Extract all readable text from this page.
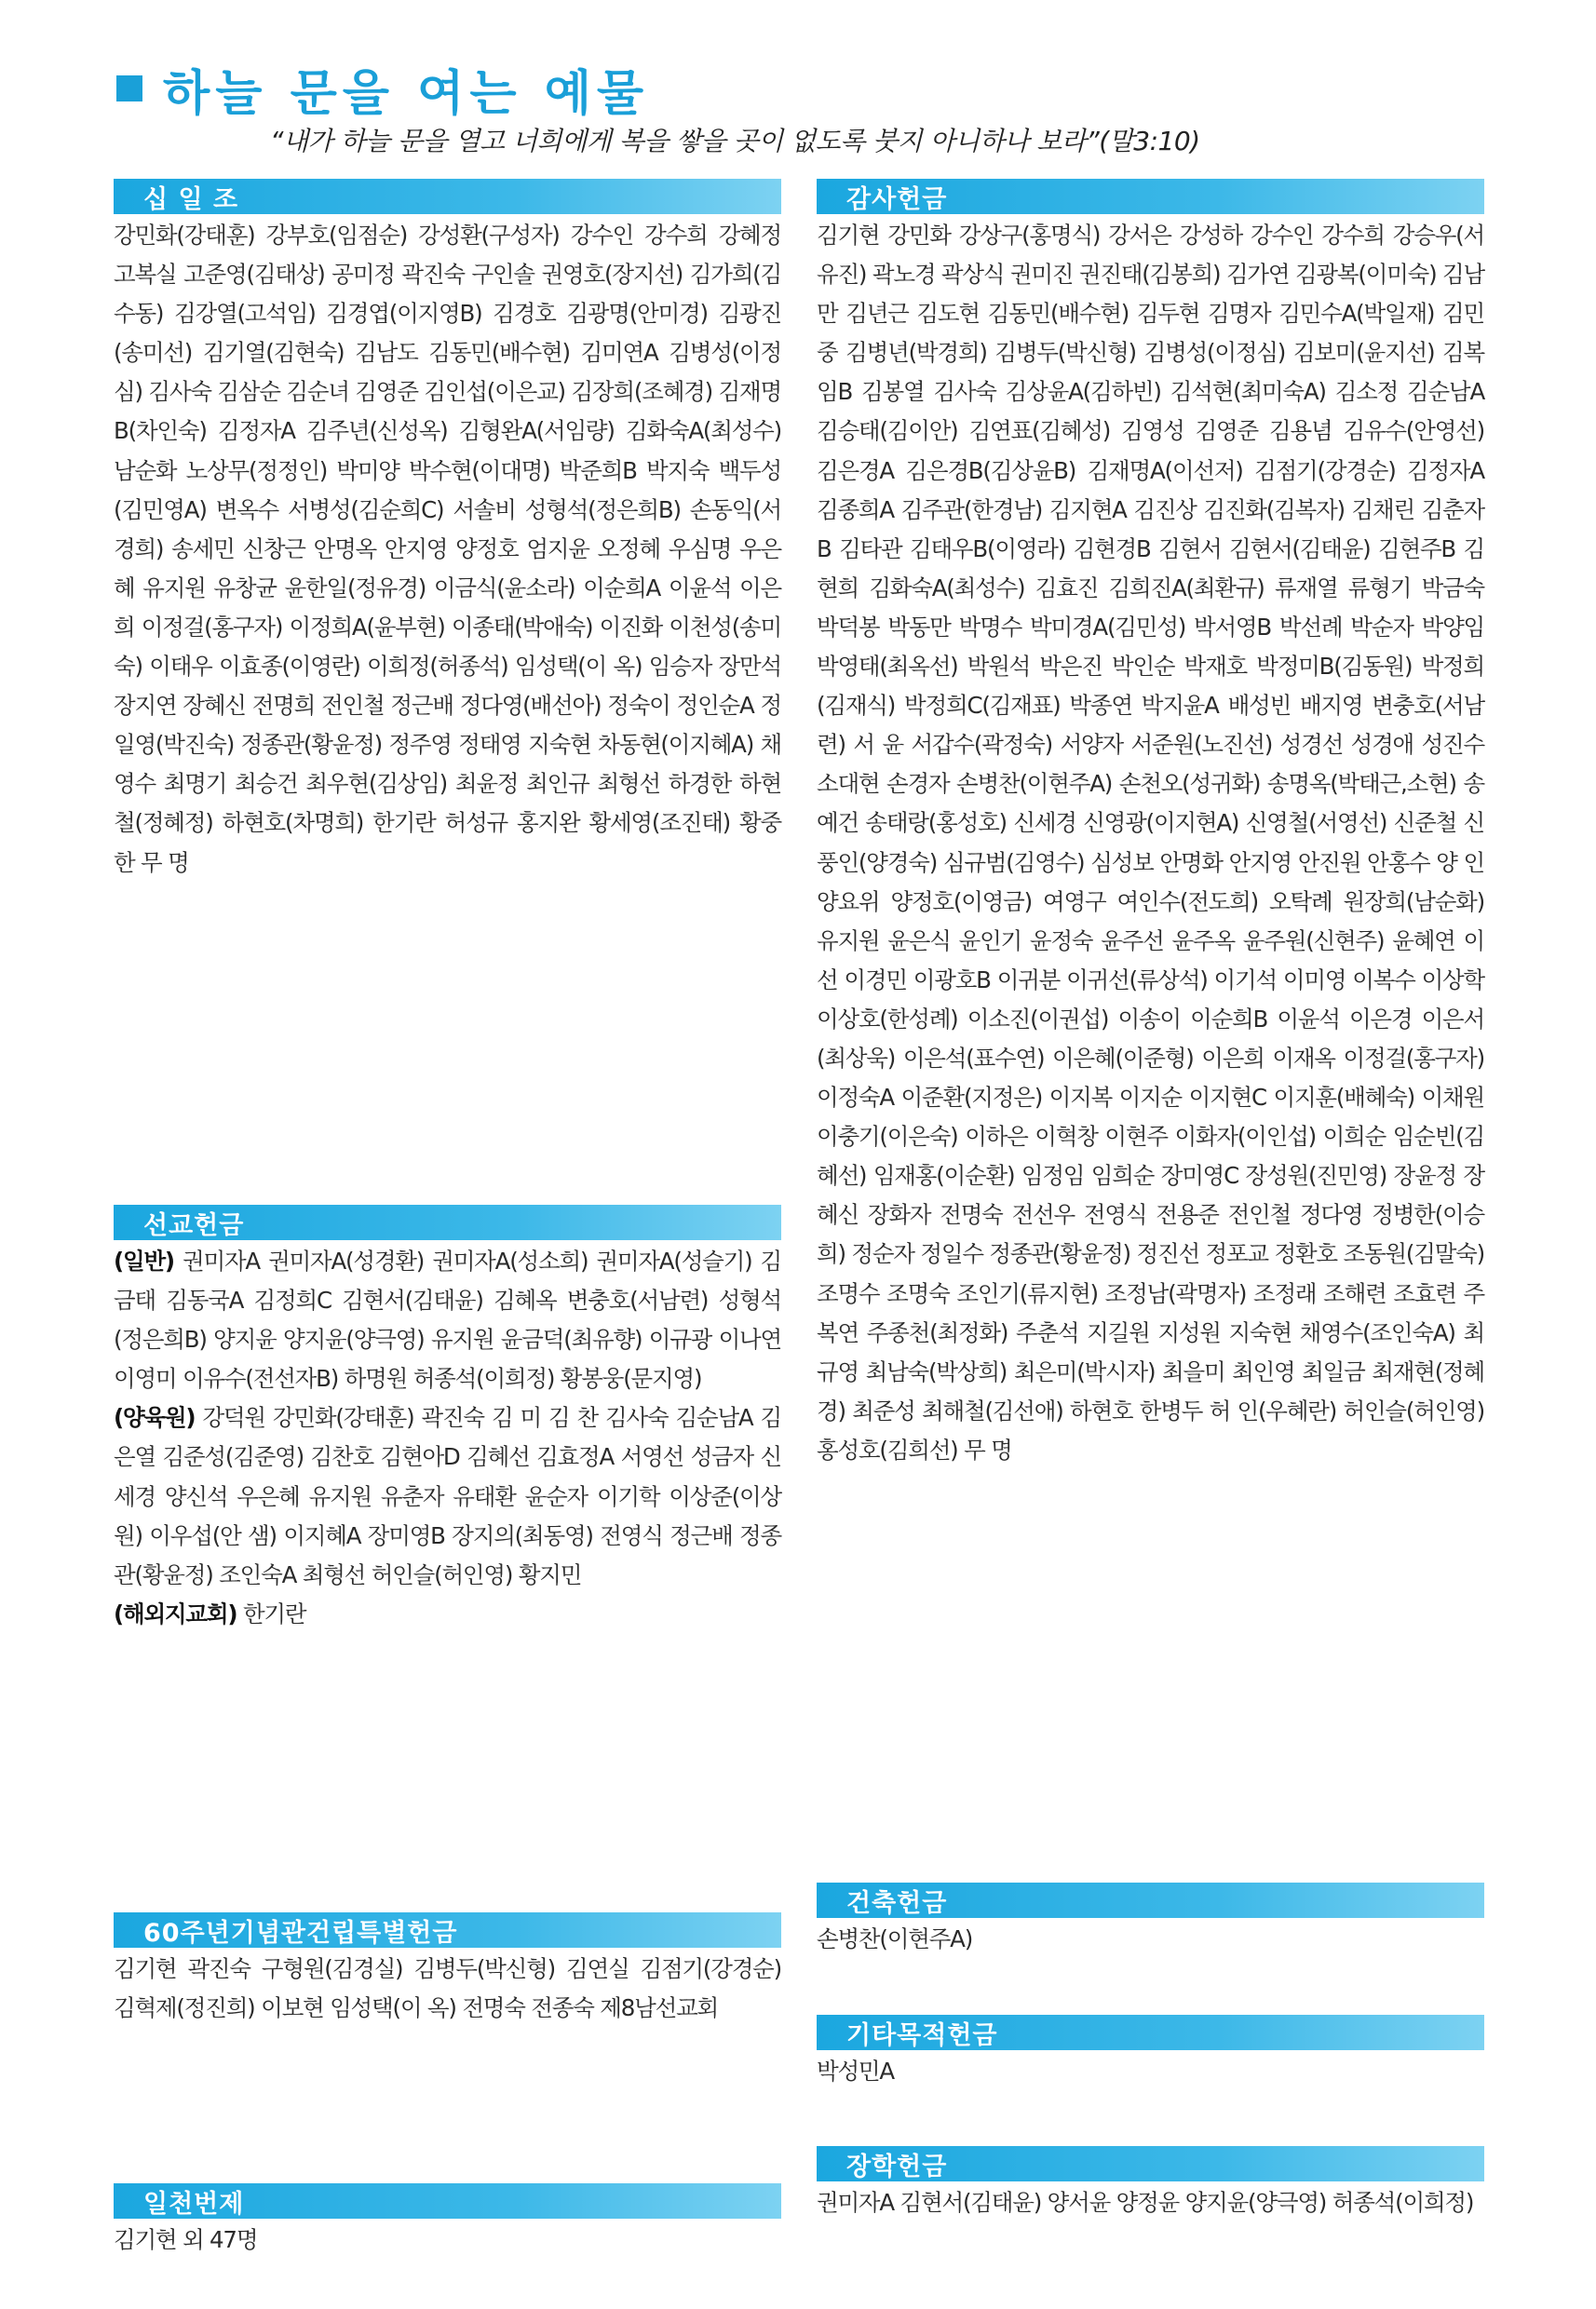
하늘 문을 여는 예물
“내가 하늘 문을 열고 너희에게 복을 쌓을 곳이 없도록 붓지 아니하나 보라”(말3:10)
십 일 조

강민화(강태훈) 강부호(임점순) 강성환(구성자) 강수인 강수희 강혜정 고복실 고준영(김태상) 공미정 곽진숙 구인솔 권영호(장지선) 김가희(김수동) 김강열(고석임) 김경엽(이지영B) 김경호 김광명(안미경) 김광진(송미선) 김기열(김현숙) 김남도 김동민(배수현) 김미연A 김병성(이정심) 김사숙 김삼순 김순녀 김영준 김인섭(이은교) 김장희(조혜경) 김재명B(차인숙) 김정자A 김주년(신성옥) 김형완A(서임량) 김화숙A(최성수) 남순화 노상무(정정인) 박미양 박수현(이대명) 박준희B 박지숙 백두성(김민영A) 변옥수 서병성(김순희C) 서솔비 성형석(정은희B) 손동익(서경희) 송세민 신창근 안명옥 안지영 양정호 엄지윤 오정혜 우심명 우은혜 유지원 유창균 윤한일(정유경) 이금식(윤소라) 이순희A 이윤석 이은희 이정걸(홍구자) 이정희A(윤부현) 이종태(박애숙) 이진화 이천성(송미숙) 이태우 이효종(이영란) 이희정(허종석) 임성택(이 옥) 임승자 장만석 장지연 장혜신 전명희 전인철 정근배 정다영(배선아) 정숙이 정인순A 정일영(박진숙) 정종관(황윤정) 정주영 정태영 지숙현 차동현(이지혜A) 채영수 최명기 최승건 최우현(김상임) 최윤정 최인규 최형선 하경한 하현철(정혜정) 하현호(차명희) 한기란 허성규 홍지완 황세영(조진태) 황중한 무 명

선교헌금

(일반) 권미자A 권미자A(성경환) 권미자A(성소희) 권미자A(성슬기) 김금태 김동국A 김정희C 김현서(김태윤) 김혜옥 변충호(서남련) 성형석(정은희B) 양지윤 양지윤(양극영) 유지원 윤금덕(최유향) 이규광 이나연 이영미 이유수(전선자B) 하명원 허종석(이희정) 황봉웅(문지영)

(양육원) 강덕원 강민화(강태훈) 곽진숙 김 미 김 찬 김사숙 김순남A 김은열 김준성(김준영) 김찬호 김현아D 김혜선 김효정A 서영선 성금자 신세경 양신석 우은혜 유지원 유춘자 유태환 윤순자 이기학 이상준(이상원) 이우섭(안 샘) 이지혜A 장미영B 장지의(최동영) 전영식 정근배 정종관(황윤정) 조인숙A 최형선 허인슬(허인영) 황지민

(해외지교회) 한기란

60주년기념관건립특별헌금

김기현 곽진숙 구형원(김경실) 김병두(박신형) 김연실 김점기(강경순) 김혁제(정진희) 이보현 임성택(이 옥) 전명숙 전종숙 제8남선교회

일천번제

김기현 외 47명

감사헌금

김기현 강민화 강상구(홍명식) 강서은 강성하 강수인 강수희 강승우(서유진) 곽노경 곽상식 권미진 권진태(김봉희) 김가연 김광복(이미숙) 김남만 김년근 김도현 김동민(배수현) 김두현 김명자 김민수A(박일재) 김민중 김병년(박경희) 김병두(박신형) 김병성(이정심) 김보미(윤지선) 김복임B 김봉열 김사숙 김상윤A(김하빈) 김석현(최미숙A) 김소정 김순남A 김승태(김이안) 김연표(김혜성) 김영성 김영준 김용념 김유수(안영선) 김은경A 김은경B(김상윤B) 김재명A(이선저) 김점기(강경순) 김정자A 김종희A 김주관(한경남) 김지현A 김진상 김진화(김복자) 김채린 김춘자B 김타관 김태우B(이영라) 김현경B 김현서 김현서(김태윤) 김현주B 김현희 김화숙A(최성수) 김효진 김희진A(최환규) 류재열 류형기 박금숙 박덕봉 박동만 박명수 박미경A(김민성) 박서영B 박선례 박순자 박양임 박영태(최옥선) 박원석 박은진 박인순 박재호 박정미B(김동원) 박정희(김재식) 박정희C(김재표) 박종연 박지윤A 배성빈 배지영 변충호(서남련) 서 윤 서갑수(곽정숙) 서양자 서준원(노진선) 성경선 성경애 성진수 소대현 손경자 손병찬(이현주A) 손천오(성귀화) 송명옥(박태근,소현) 송예건 송태랑(홍성호) 신세경 신영광(이지현A) 신영철(서영선) 신준철 신풍인(양경숙) 심규범(김영수) 심성보 안명화 안지영 안진원 안홍수 양 인 양요위 양정호(이영금) 여영구 여인수(전도희) 오탁례 원장희(남순화) 유지원 윤은식 윤인기 윤정숙 윤주선 윤주옥 윤주원(신현주) 윤혜연 이 선 이경민 이광호B 이귀분 이귀선(류상석) 이기석 이미영 이복수 이상학 이상호(한성례) 이소진(이권섭) 이송이 이순희B 이윤석 이은경 이은서(최상욱) 이은석(표수연) 이은혜(이준형) 이은희 이재옥 이정걸(홍구자) 이정숙A 이준환(지정은) 이지복 이지순 이지현C 이지훈(배혜숙) 이채원 이충기(이은숙) 이하은 이혁창 이현주 이화자(이인섭) 이희순 임순빈(김혜선) 임재홍(이순환) 임정임 임희순 장미영C 장성원(진민영) 장윤정 장혜신 장화자 전명숙 전선우 전영식 전용준 전인철 정다영 정병한(이승희) 정순자 정일수 정종관(황윤정) 정진선 정포교 정환호 조동원(김말숙) 조명수 조명숙 조인기(류지현) 조정남(곽명자) 조정래 조해련 조효련 주복연 주종천(최정화) 주춘석 지길원 지성원 지숙현 채영수(조인숙A) 최규영 최남숙(박상희) 최은미(박시자) 최을미 최인영 최일금 최재현(정혜경) 최준성 최해철(김선애) 하현호 한병두 허 인(우혜란) 허인슬(허인영) 홍성호(김희선) 무 명

건축헌금

손병찬(이현주A)

기타목적헌금

박성민A

장학헌금

권미자A 김현서(김태윤) 양서윤 양정윤 양지윤(양극영) 허종석(이희정)
